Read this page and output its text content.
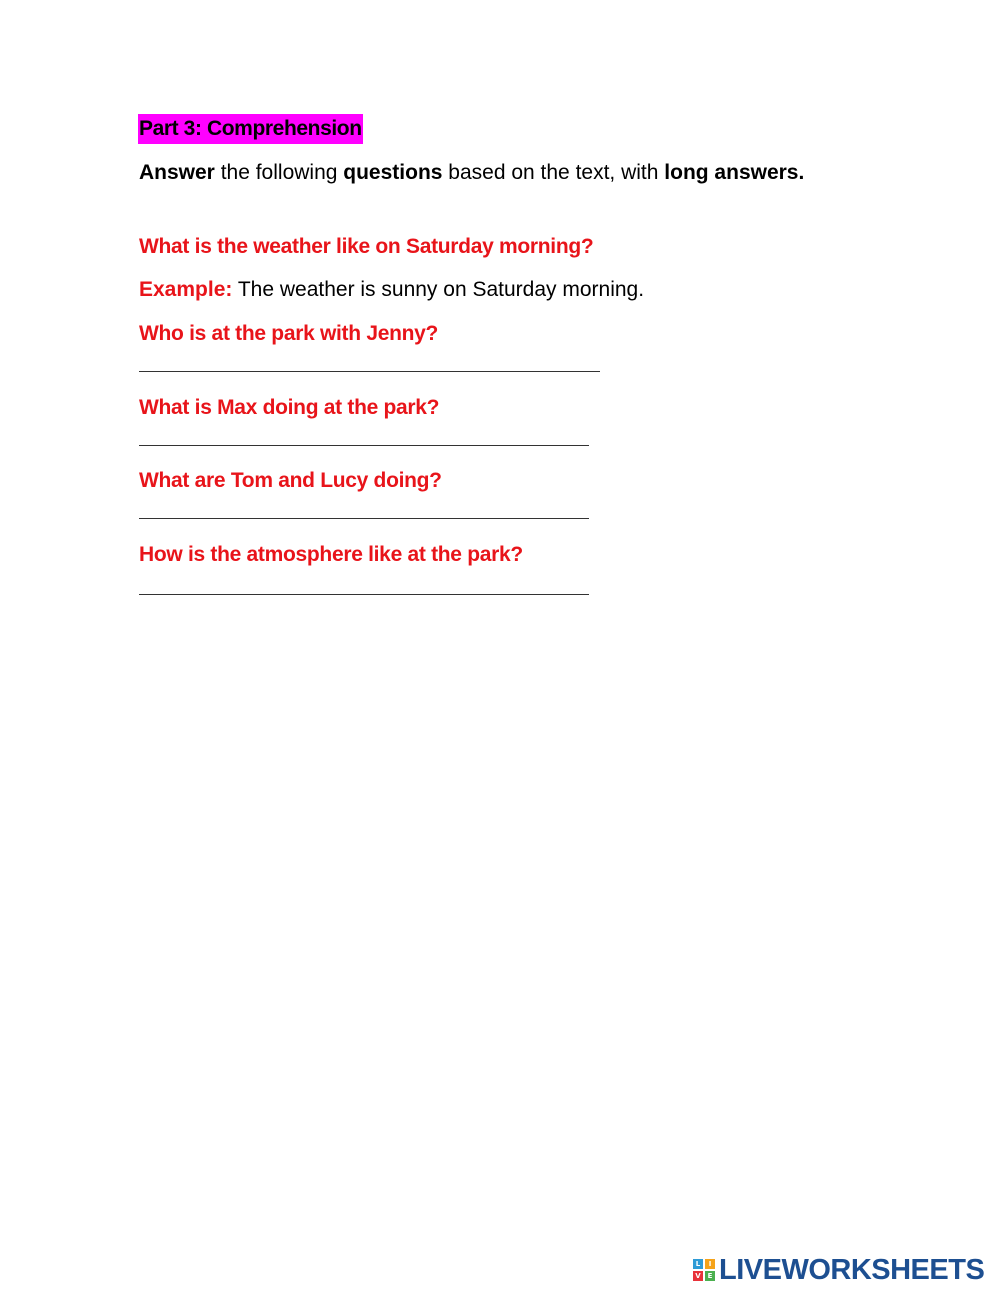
Part 3: Comprehension
Answer the following questions based on the text, with long answers.
What is the weather like on Saturday morning?
Example: The weather is sunny on Saturday morning.
Who is at the park with Jenny?
What is Max doing at the park?
What are Tom and Lucy doing?
How is the atmosphere like at the park?
L	I
V E LIVEWORKSHEETS
